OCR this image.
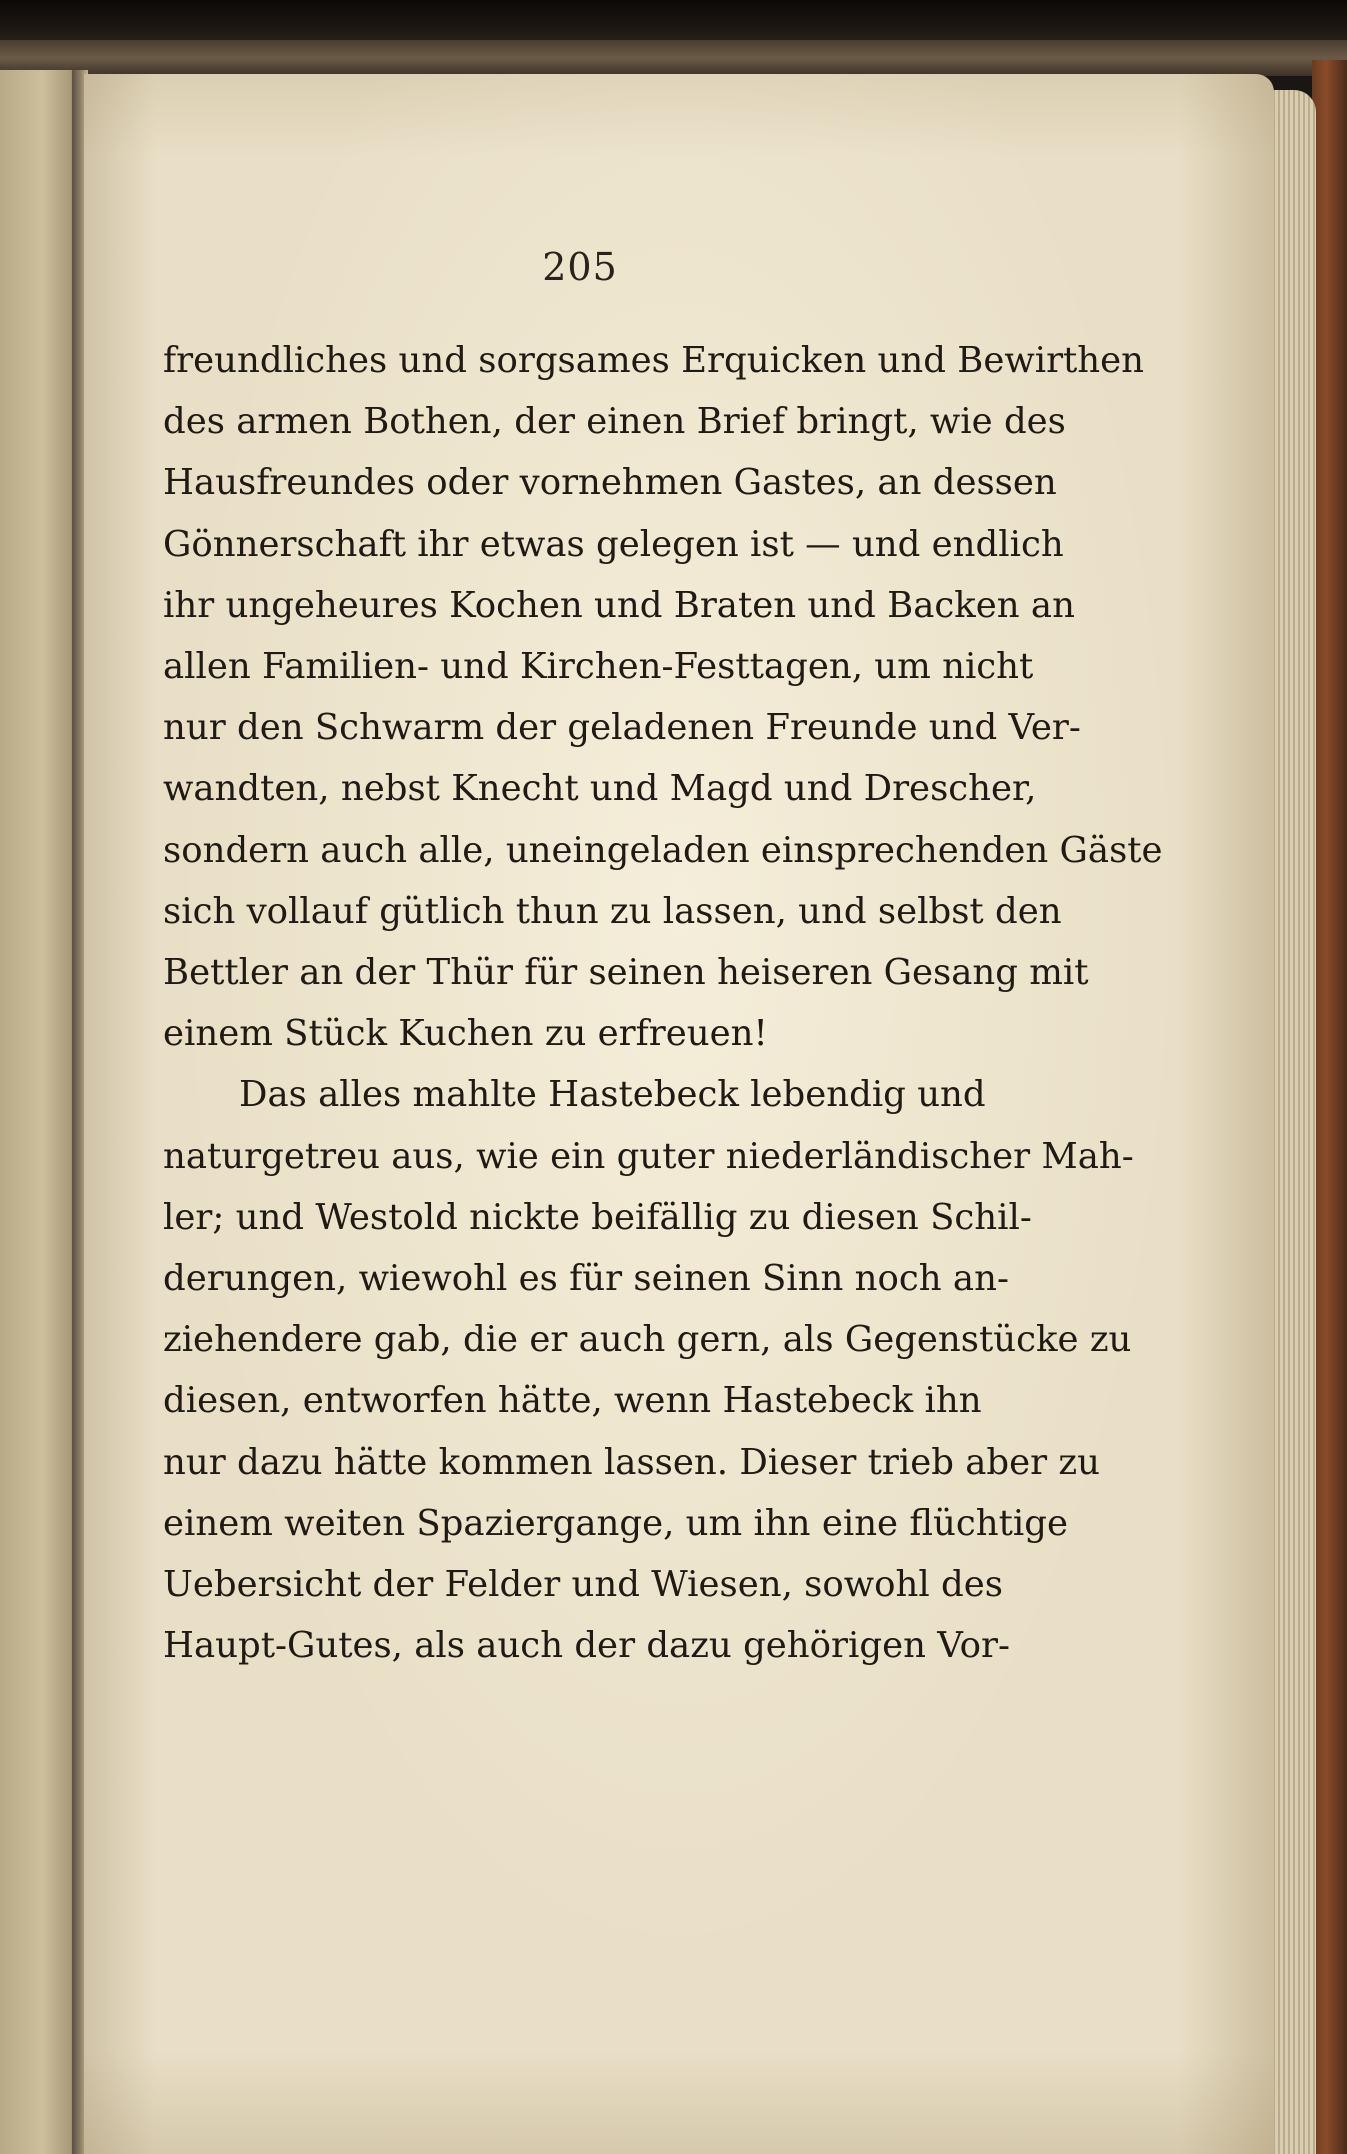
205
freundliches und sorgsames Erquicken und Bewirthen
des armen Bothen, der einen Brief bringt, wie des
Hausfreundes oder vornehmen Gastes, an dessen
Gönnerschaft ihr etwas gelegen ist — und endlich
ihr ungeheures Kochen und Braten und Backen an
allen Familien- und Kirchen-Festtagen, um nicht
nur den Schwarm der geladenen Freunde und Ver-
wandten, nebst Knecht und Magd und Drescher,
sondern auch alle, uneingeladen einsprechenden Gäste
sich vollauf gütlich thun zu lassen, und selbst den
Bettler an der Thür für seinen heiseren Gesang mit
einem Stück Kuchen zu erfreuen!
Das alles mahlte Hastebeck lebendig und
naturgetreu aus, wie ein guter niederländischer Mah-
ler; und Westold nickte beifällig zu diesen Schil-
derungen, wiewohl es für seinen Sinn noch an-
ziehendere gab, die er auch gern, als Gegenstücke zu
diesen, entworfen hätte, wenn Hastebeck ihn
nur dazu hätte kommen lassen. Dieser trieb aber zu
einem weiten Spaziergange, um ihn eine flüchtige
Uebersicht der Felder und Wiesen, sowohl des
Haupt-Gutes, als auch der dazu gehörigen Vor-
